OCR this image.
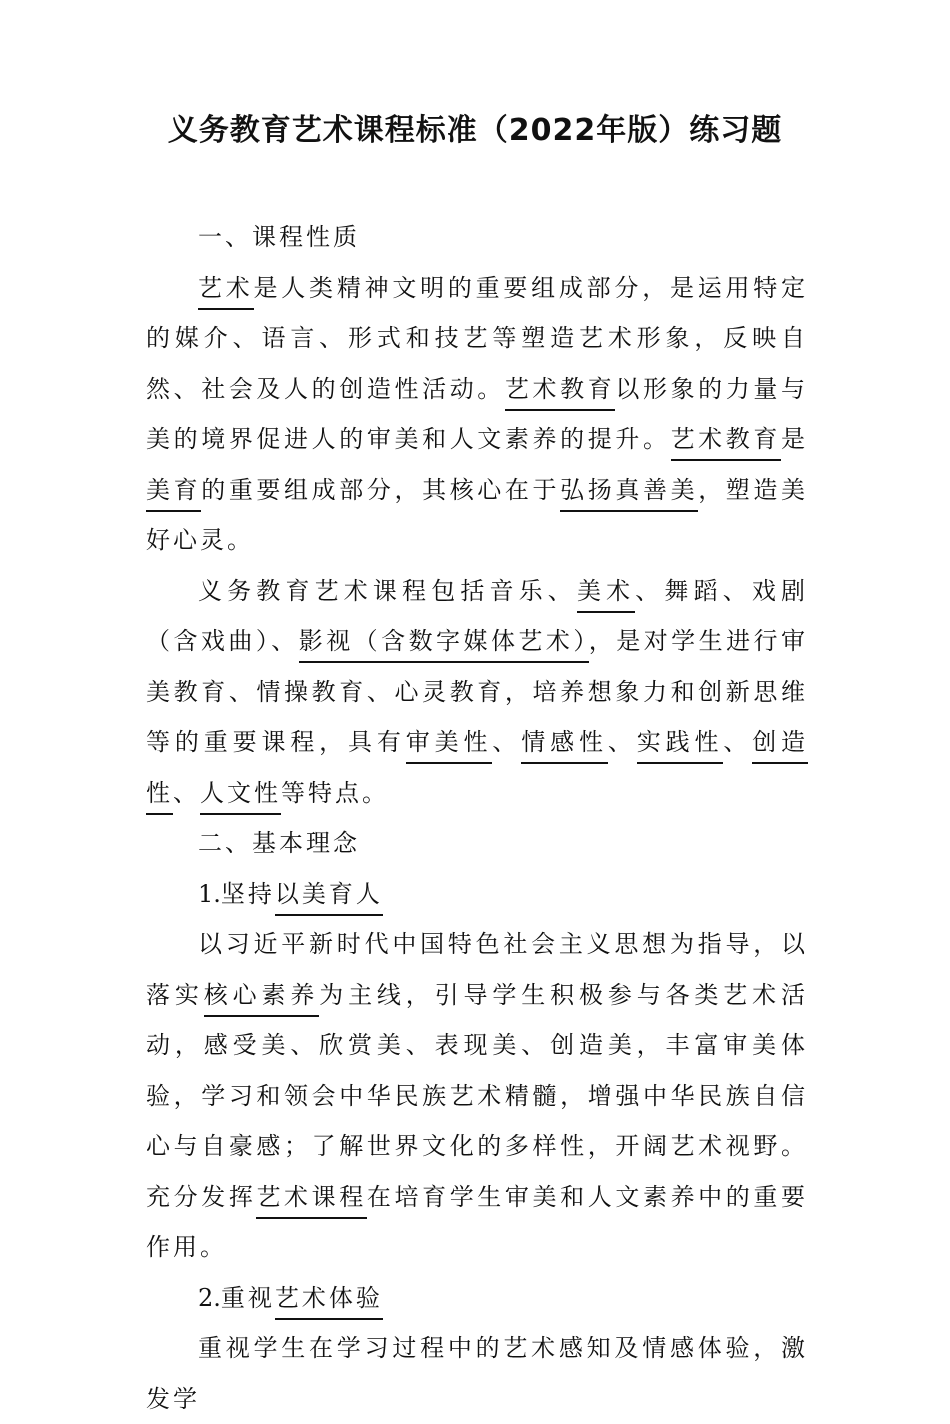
义务教育艺术课程标准（2022年版）练习题

一、课程性质

艺术是人类精神文明的重要组成部分，是运用特定的媒介、语言、形式和技艺等塑造艺术形象，反映自然、社会及人的创造性活动。艺术教育以形象的力量与美的境界促进人的审美和人文素养的提升。艺术教育是美育的重要组成部分，其核心在于弘扬真善美，塑造美好心灵。

义务教育艺术课程包括音乐、美术、舞蹈、戏剧（含戏曲）、影视（含数字媒体艺术），是对学生进行审美教育、情操教育、心灵教育，培养想象力和创新思维等的重要课程，具有审美性、情感性、实践性、创造性、人文性等特点。

二、基本理念

1.坚持以美育人

以习近平新时代中国特色社会主义思想为指导，以落实核心素养为主线，引导学生积极参与各类艺术活动，感受美、欣赏美、表现美、创造美，丰富审美体验，学习和领会中华民族艺术精髓，增强中华民族自信心与自豪感；了解世界文化的多样性，开阔艺术视野。充分发挥艺术课程在培育学生审美和人文素养中的重要作用。

2.重视艺术体验

重视学生在学习过程中的艺术感知及情感体验，激发学
